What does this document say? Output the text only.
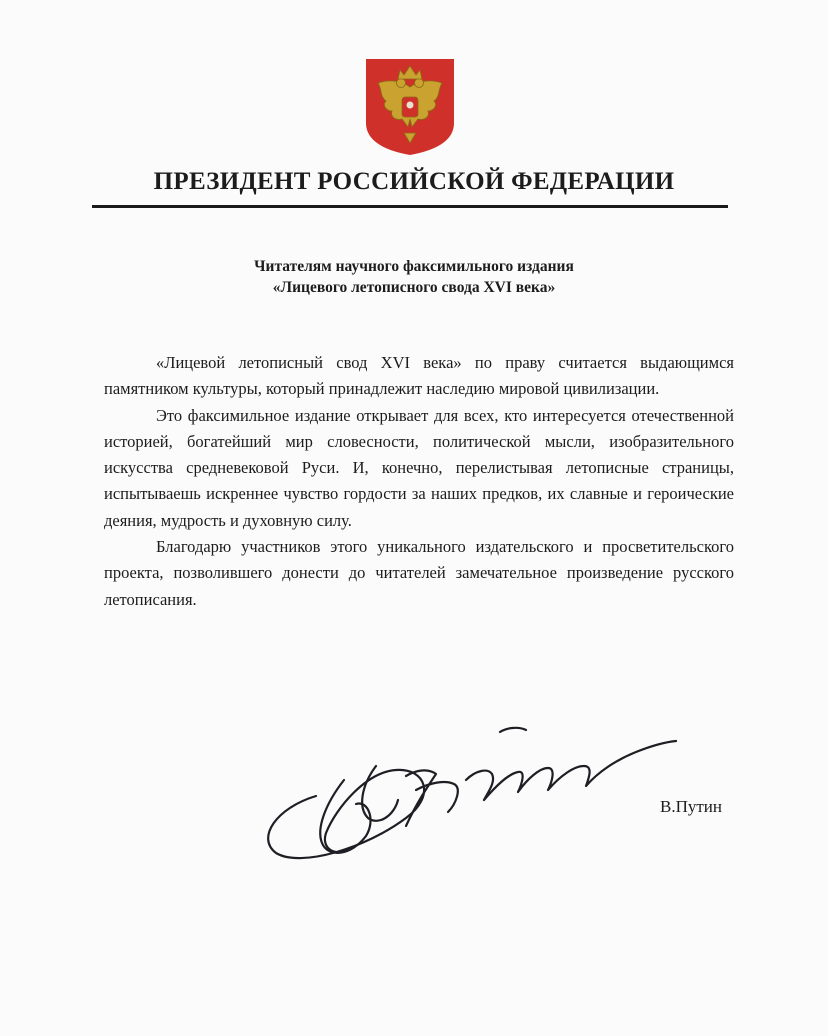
ПРЕЗИДЕНТ РОССИЙСКОЙ ФЕДЕРАЦИИ
Читателям научного факсимильного издания
«Лицевого летописного свода XVI века»

«Лицевой летописный свод XVI века» по праву считается выдающимся памятником культуры, который принадлежит наследию мировой цивилизации.

Это факсимильное издание открывает для всех, кто интересуется отечественной историей, богатейший мир словесности, политической мысли, изобразительного искусства средневековой Руси. И, конечно, перелистывая летописные страницы, испытываешь искреннее чувство гордости за наших предков, их славные и героические деяния, мудрость и духовную силу.

Благодарю участников этого уникального издательского и просветительского проекта, позволившего донести до читателей замечательное произведение русского летописания.

В.Путин
